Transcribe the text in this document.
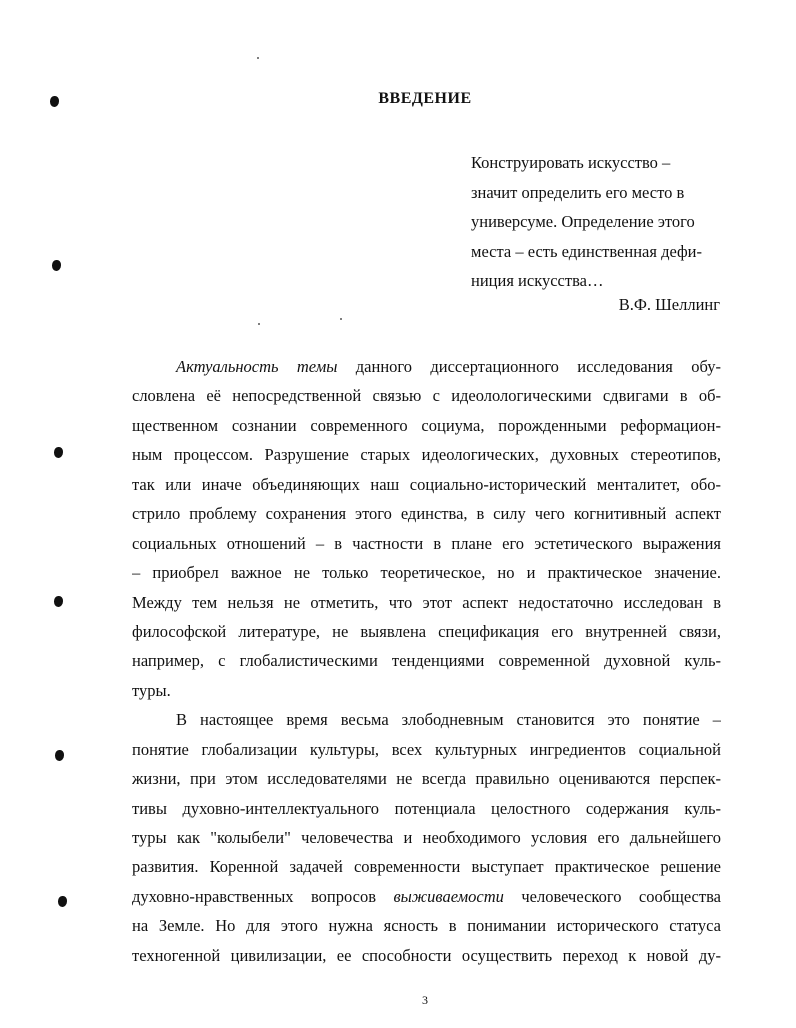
ВВЕДЕНИЕ
Конструировать искусство –
значит определить его место в
универсуме. Определение этого
места – есть единственная дефи-
ниция искусства…
В.Ф. Шеллинг
Актуальность темы данного диссертационного исследования обу-
словлена её непосредственной связью с идеолологическими сдвигами в об-
щественном сознании современного социума, порожденными реформацион-
ным процессом. Разрушение старых идеологических, духовных стереотипов,
так или иначе объединяющих наш социально-исторический менталитет, обо-
стрило проблему сохранения этого единства, в силу чего когнитивный аспект
социальных отношений – в частности в плане его эстетического выражения
– приобрел важное не только теоретическое, но и практическое значение.
Между тем нельзя не отметить, что этот аспект недостаточно исследован в
философской литературе, не выявлена спецификация его внутренней связи,
например, с глобалистическими тенденциями современной духовной куль-
туры.
В настоящее время весьма злободневным становится это понятие –
понятие глобализации культуры, всех культурных ингредиентов социальной
жизни, при этом исследователями не всегда правильно оцениваются перспек-
тивы духовно-интеллектуального потенциала целостного содержания куль-
туры как "колыбели" человечества и необходимого условия его дальнейшего
развития. Коренной задачей современности выступает практическое решение
духовно-нравственных вопросов выживаемости человеческого сообщества
на Земле. Но для этого нужна ясность в понимании исторического статуса
техногенной цивилизации, ее способности осуществить переход к новой ду-
3
